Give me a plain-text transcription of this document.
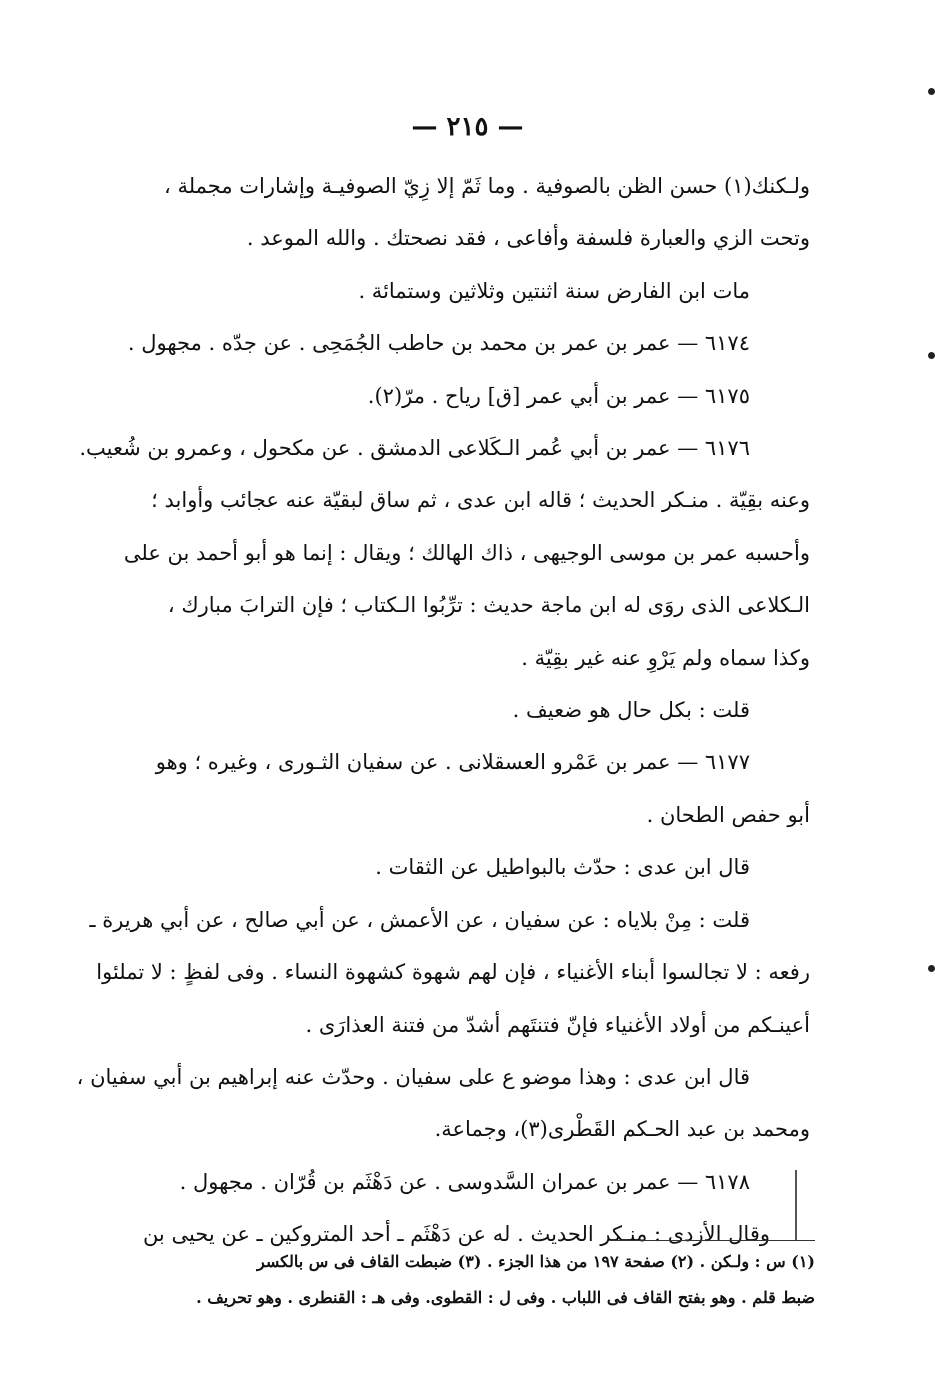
— ٢١٥ —
ولـكنك(١) حسن الظن بالصوفية . وما ثَمّ إلا زِيّ الصوفيـة وإشارات مجملة ،
وتحت الزي والعبارة فلسفة وأفاعى ، فقد نصحتك . والله الموعد .
مات ابن الفارض سنة اثنتين وثلاثين وستمائة .
٦١٧٤ — عمر بن عمر بن محمد بن حاطب الجُمَحِى . عن جدّه . مجهول .
٦١٧٥ — عمر بن أبي عمر [ق] رياح . مرّ(٢).
٦١٧٦ — عمر بن أبي عُمر الـكَلاعى الدمشق . عن مكحول ، وعمرو بن شُعيب.
وعنه بقِيّة . منـكر الحديث ؛ قاله ابن عدى ، ثم ساق لبقيّة عنه عجائب وأوابد ؛
وأحسبه عمر بن موسى الوجيهى ، ذاك الهالك ؛ ويقال : إنما هو أبو أحمد بن على
الـكلاعى الذى روَى له ابن ماجة حديث : ترِّبُوا الـكتاب ؛ فإن الترابَ مبارك ،
وكذا سماه ولم يَرْوِ عنه غير بقِيّة .
قلت : بكل حال هو ضعيف .
٦١٧٧ — عمر بن عَمْرو العسقلانى . عن سفيان الثـورى ، وغيره ؛ وهو
أبو حفص الطحان .
قال ابن عدى : حدّث بالبواطيل عن الثقات .
قلت : مِنْ بلاياه : عن سفيان ، عن الأعمش ، عن أبي صالح ، عن أبي هريرة ـ
رفعه : لا تجالسوا أبناء الأغنياء ، فإن لهم شهوة كشهوة النساء . وفى لفظٍ : لا تملئوا
أعينـكم من أولاد الأغنياء فإنّ فتنتَهم أشدّ من فتنة العذارَى .
قال ابن عدى : وهذا موضو ع على سفيان . وحدّث عنه إبراهيم بن أبي سفيان ،
ومحمد بن عبد الحـكم القَطْرى(٣)، وجماعة.
٦١٧٨ — عمر بن عمران السَّدوسى . عن دَهْثَم بن قُرّان . مجهول .
وقال الأزدى : منـكر الحديث . له عن دَهْثَم ـ أحد المتروكين ـ عن يحيى بن
(١) س : ولـكن . (٢) صفحة ١٩٧ من هذا الجزء . (٣) ضبطت القاف فى س بالكسر
ضبط قلم . وهو بفتح القاف فى اللباب . وفى ل : القطوى. وفى هـ : القنطرى . وهو تحريف .
